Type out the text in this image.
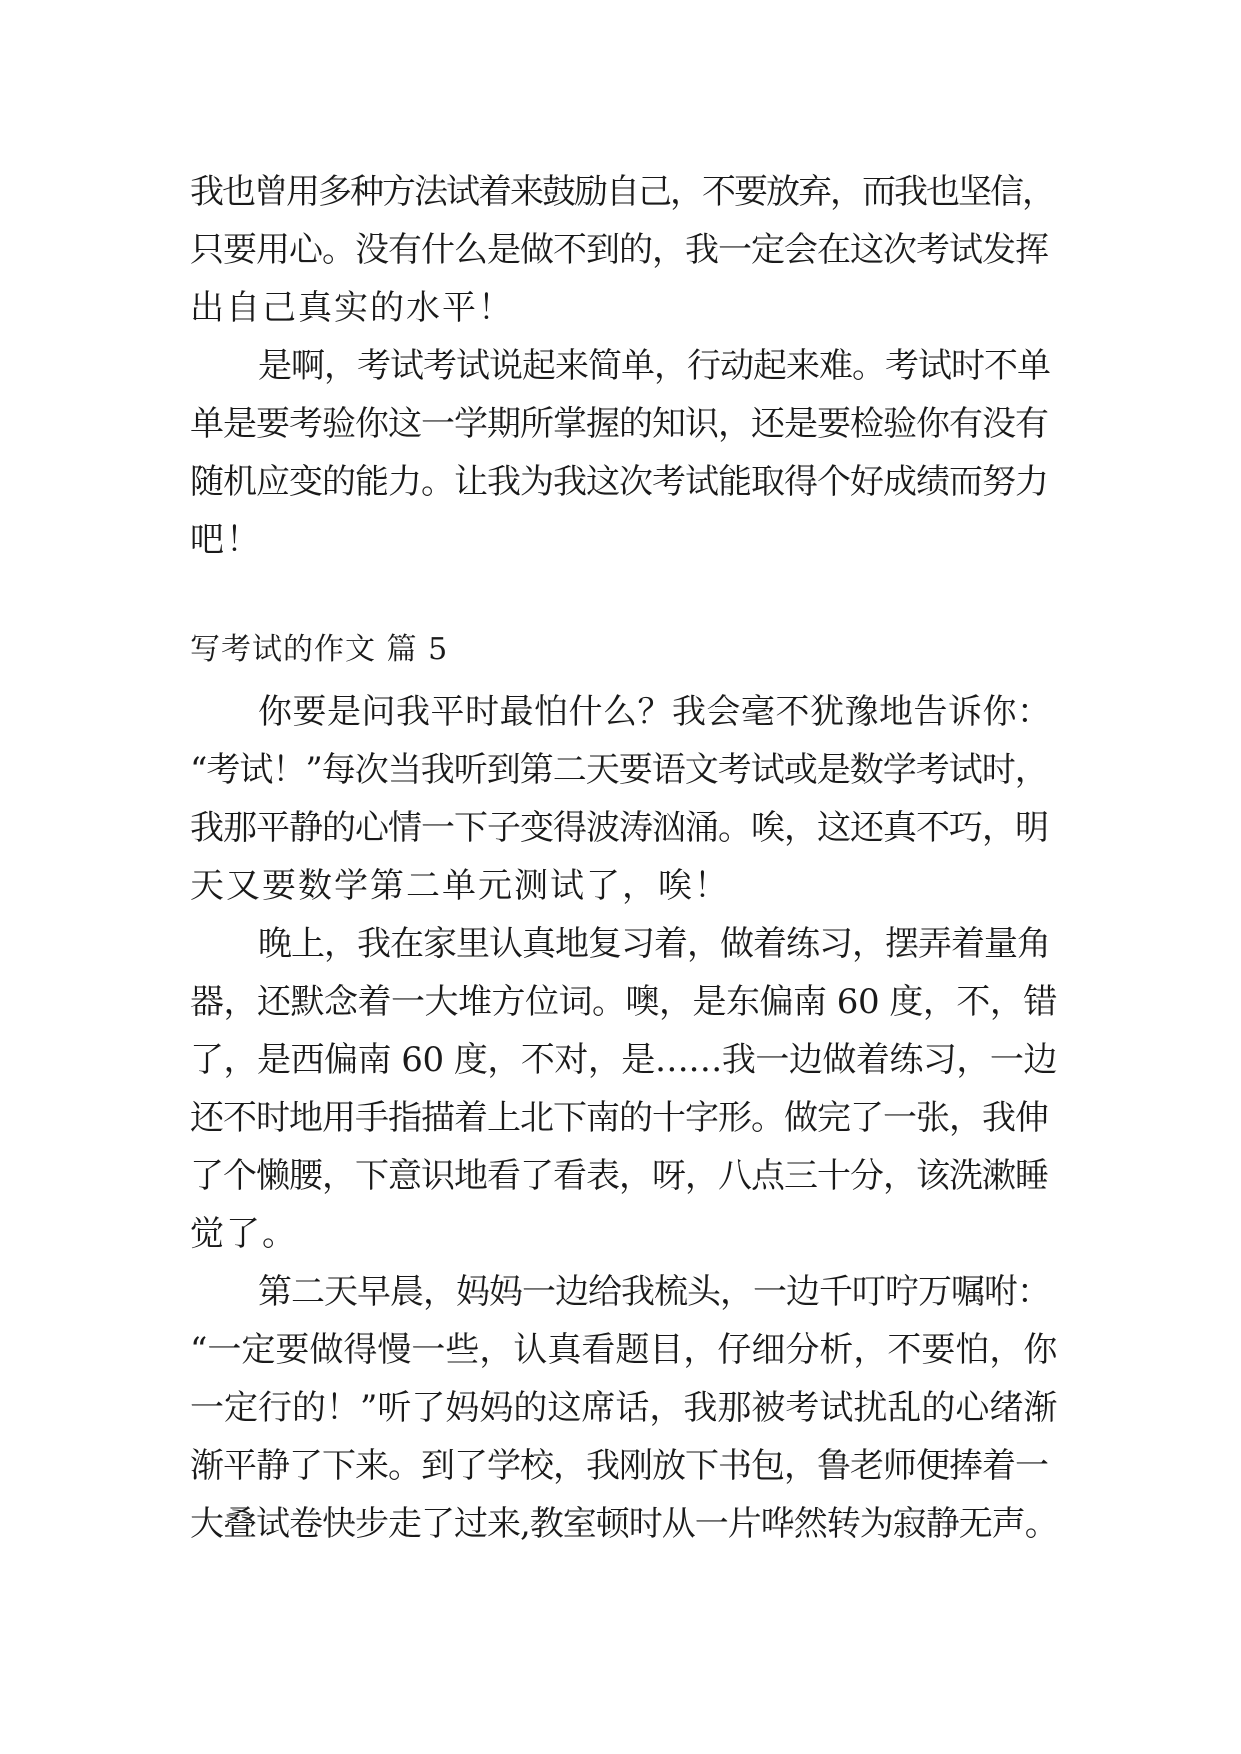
我也曾用多种方法试着来鼓励自己，不要放弃，而我也坚信，
只要用心。没有什么是做不到的，我一定会在这次考试发挥
出自己真实的水平！
是啊，考试考试说起来简单，行动起来难。考试时不单
单是要考验你这一学期所掌握的知识，还是要检验你有没有
随机应变的能力。让我为我这次考试能取得个好成绩而努力
吧！
写考试的作文 篇 5
你要是问我平时最怕什么？我会毫不犹豫地告诉你：
“考试！”每次当我听到第二天要语文考试或是数学考试时，
我那平静的心情一下子变得波涛汹涌。唉，这还真不巧，明
天又要数学第二单元测试了，唉！
晚上，我在家里认真地复习着，做着练习，摆弄着量角
器，还默念着一大堆方位词。噢，是东偏南 60 度，不，错
了，是西偏南 60 度，不对，是……我一边做着练习，一边
还不时地用手指描着上北下南的十字形。做完了一张，我伸
了个懒腰，下意识地看了看表，呀，八点三十分，该洗漱睡
觉了。
第二天早晨，妈妈一边给我梳头，一边千叮咛万嘱咐：
“一定要做得慢一些，认真看题目，仔细分析，不要怕，你
一定行的！”听了妈妈的这席话，我那被考试扰乱的心绪渐
渐平静了下来。到了学校，我刚放下书包，鲁老师便捧着一
大叠试卷快步走了过来,教室顿时从一片哗然转为寂静无声。
